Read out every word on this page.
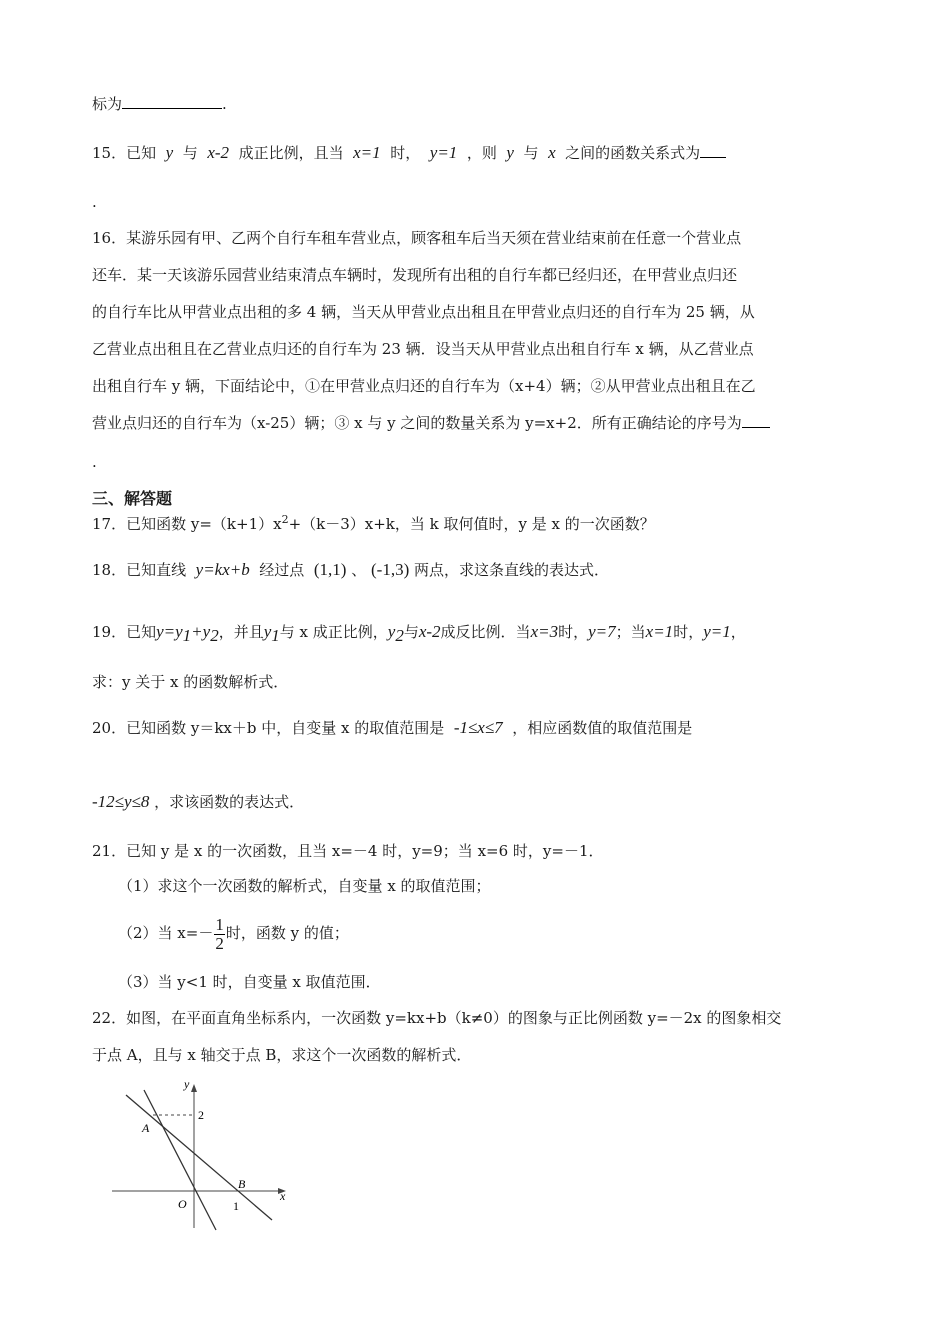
标为	.
15．已知 y 与 x-2 成正比例，且当 x=1 时， y=1 ，则 y 与 x 之间的函数关系式为
.
16．某游乐园有甲、乙两个自行车租车营业点，顾客租车后当天须在营业结束前在任意一个营业点
还车．某一天该游乐园营业结束清点车辆时，发现所有出租的自行车都已经归还，在甲营业点归还
的自行车比从甲营业点出租的多 4 辆，当天从甲营业点出租且在甲营业点归还的自行车为 25 辆，从
乙营业点出租且在乙营业点归还的自行车为 23 辆．设当天从甲营业点出租自行车 x 辆，从乙营业点
出租自行车 y 辆，下面结论中，①在甲营业点归还的自行车为（x+4）辆；②从甲营业点出租且在乙
营业点归还的自行车为（x-25）辆；③ x 与 y 之间的数量关系为 y=x+2．所有正确结论的序号为
.
三、解答题
17．已知函数 $y=(k+1)x^2+(k-3)x+k$，当 k 取何值时，y 是 x 的一次函数？
18．已知直线 y=kx+b 经过点 (1,1) 、 (-1,3) 两点，求这条直线的表达式．
19．已知$y=y_1+y_2$，并且$y_1$与 x 成正比例，$y_2$与x-2成反比例．当x=3时，y=7；当x=1时，y=1，
求：y 关于 x 的函数解析式．
20．已知函数 y＝kx＋b 中，自变量 x 的取值范围是 -1≤x≤7 ，相应函数值的取值范围是
-12≤y≤8 ，求该函数的表达式．
21．已知 y 是 x 的一次函数，且当 x=－4 时，y=9；当 x=6 时，y=－1．
（1）求这个一次函数的解析式，自变量 x 的取值范围；
（2）当 $x=- \frac{1}{2}$ 时，函数 y 的值；
（3）当 y<1 时，自变量 x 取值范围．
22．如图，在平面直角坐标系内，一次函数 y=kx+b（k≠0）的图象与正比例函数 y=－2x 的图象相交
于点 A，且与 x 轴交于点 B，求这个一次函数的解析式．
y
x
A
B
O
2
1
